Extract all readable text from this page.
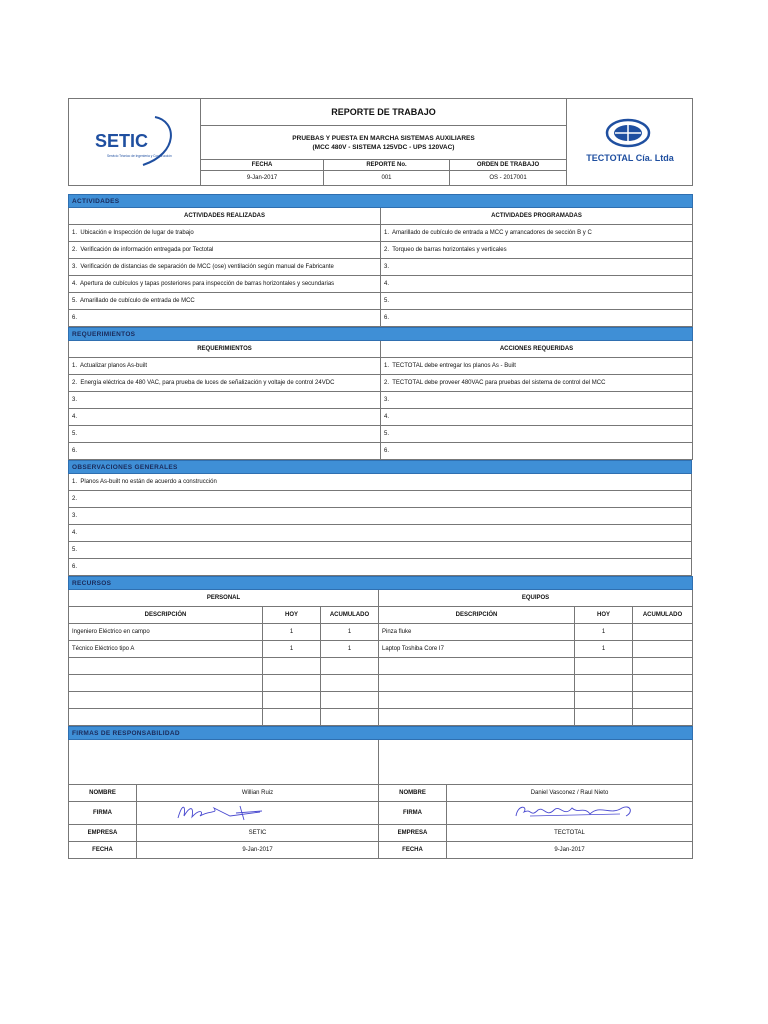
SETIC
Servicio Técnico de Ingeniería y Construcción	REPORTE DE TRABAJO			TECTOTAL Cía. Ltda

	PRUEBAS Y PUESTA EN MARCHA SISTEMAS AUXILIARES
(MCC 480V - SISTEMA 125VDC - UPS 120VAC)			

	FECHA	REPORTE No.	ORDEN DE TRABAJO	
	9-Jan-2017	001	OS - 2017001	
ACTIVIDADES	
ACTIVIDADES REALIZADAS	ACTIVIDADES PROGRAMADAS
1. Ubicación e Inspección de lugar de trabajo	1. Amarillado de cubículo de entrada a MCC y arrancadores de sección B y C
2. Verificación de información entregada por Tectotal	2. Torqueo de barras horizontales y verticales
3. Verificación de distancias de separación de MCC (ose) ventilación según manual de Fabricante	3.
4. Apertura de cubículos y tapas posteriores para inspección de barras horizontales y secundarias	4.
5. Amarillado de cubículo de entrada de MCC	5.
6.	6.
REQUERIMIENTOS	
REQUERIMIENTOS	ACCIONES REQUERIDAS
1. Actualizar planos As-built	1. TECTOTAL debe entregar los planos As - Built
2. Energía eléctrica de 480 VAC, para prueba de luces de señalización y voltaje de control 24VDC	2. TECTOTAL debe proveer 480VAC para pruebas del sistema de control del MCC
3.	3.
4.	4.
5.	5.
6.	6.
OBSERVACIONES GENERALES
1. Planos As-built no están de acuerdo a construcción
2.
3.
4.
5.
6.
RECURSOS					
PERSONAL			EQUIPOS		
DESCRIPCIÓN	HOY	ACUMULADO	DESCRIPCIÓN	HOY	ACUMULADO
Ingeniero Eléctrico en campo	1	1	Pinza fluke	1	
Técnico Eléctrico tipo A	1	1	Laptop Toshiba Core I7	1	

FIRMAS DE RESPONSABILIDAD			

NOMBRE	Willian Ruiz	NOMBRE	Daniel Vasconez / Raul Nieto
FIRMA		FIRMA	
EMPRESA	SETIC	EMPRESA	TECTOTAL
FECHA	9-Jan-2017	FECHA	9-Jan-2017
